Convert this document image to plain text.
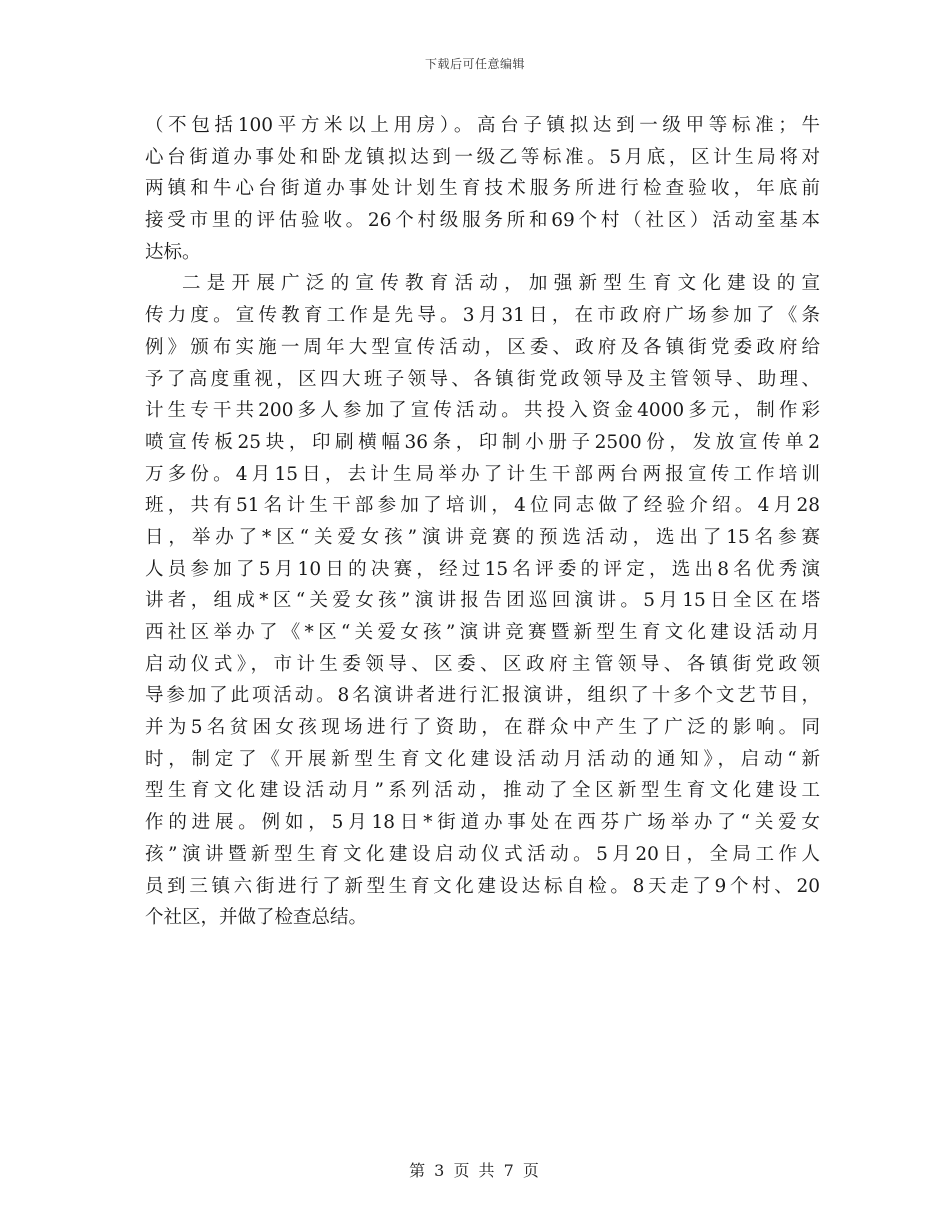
下载后可任意编辑
（不包括100平方米以上用房）。高台子镇拟达到一级甲等标准；牛
心台街道办事处和卧龙镇拟达到一级乙等标准。5月底，区计生局将对
两镇和牛心台街道办事处计划生育技术服务所进行检查验收，年底前
接受市里的评估验收。26个村级服务所和69个村（社区）活动室基本
达标。
二是开展广泛的宣传教育活动，加强新型生育文化建设的宣
传力度。宣传教育工作是先导。3月31日，在市政府广场参加了《条
例》颁布实施一周年大型宣传活动，区委、政府及各镇街党委政府给
予了高度重视，区四大班子领导、各镇街党政领导及主管领导、助理、
计生专干共200多人参加了宣传活动。共投入资金4000多元，制作彩
喷宣传板25块，印刷横幅36条，印制小册子2500份，发放宣传单2
万多份。4月15日，去计生局举办了计生干部两台两报宣传工作培训
班，共有51名计生干部参加了培训，4位同志做了经验介绍。4月28
日，举办了*区“关爱女孩”演讲竞赛的预选活动，选出了15名参赛
人员参加了5月10日的决赛，经过15名评委的评定，选出8名优秀演
讲者，组成*区“关爱女孩”演讲报告团巡回演讲。5月15日全区在塔
西社区举办了《*区“关爱女孩”演讲竞赛暨新型生育文化建设活动月
启动仪式》，市计生委领导、区委、区政府主管领导、各镇街党政领
导参加了此项活动。8名演讲者进行汇报演讲，组织了十多个文艺节目，
并为5名贫困女孩现场进行了资助，在群众中产生了广泛的影响。同
时，制定了《开展新型生育文化建设活动月活动的通知》，启动“新
型生育文化建设活动月”系列活动，推动了全区新型生育文化建设工
作的进展。例如，5月18日*街道办事处在西芬广场举办了“关爱女
孩”演讲暨新型生育文化建设启动仪式活动。5月20日，全局工作人
员到三镇六街进行了新型生育文化建设达标自检。8天走了9个村、20
个社区，并做了检查总结。
第 3 页 共 7 页
